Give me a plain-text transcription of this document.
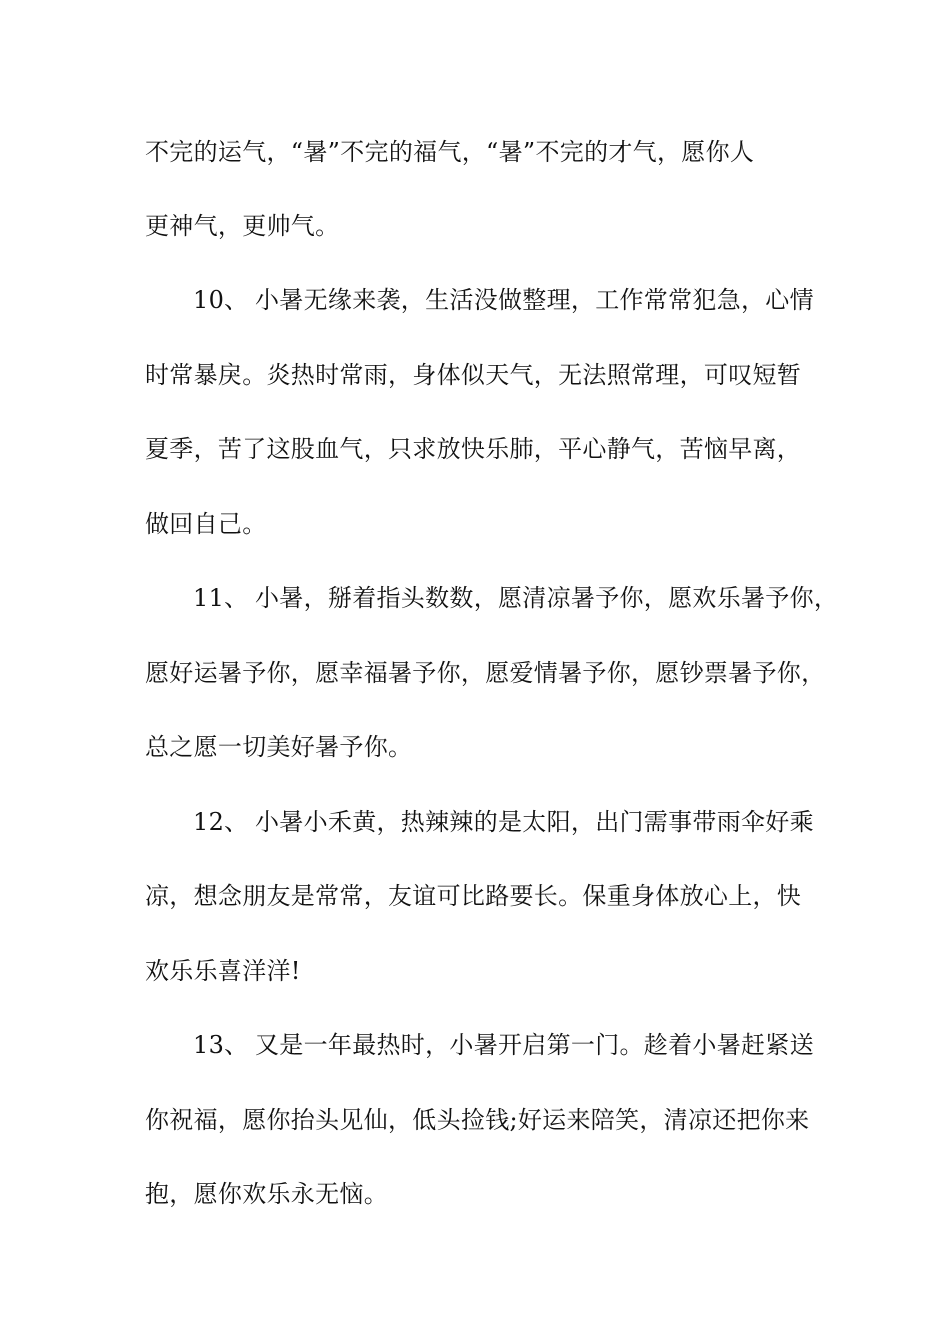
不完的运气，“暑”不完的福气，“暑”不完的才气，愿你人
更神气，更帅气。
10、 小暑无缘来袭，生活没做整理，工作常常犯急，心情
时常暴戾。炎热时常雨，身体似天气，无法照常理，可叹短暂
夏季，苦了这股血气，只求放快乐肺，平心静气，苦恼早离，
做回自己。
11、 小暑，掰着指头数数，愿清凉暑予你，愿欢乐暑予你，
愿好运暑予你，愿幸福暑予你，愿爱情暑予你，愿钞票暑予你，
总之愿一切美好暑予你。
12、 小暑小禾黄，热辣辣的是太阳，出门需事带雨伞好乘
凉，想念朋友是常常，友谊可比路要长。保重身体放心上，快
欢乐乐喜洋洋!
13、 又是一年最热时，小暑开启第一门。趁着小暑赶紧送
你祝福，愿你抬头见仙，低头捡钱;好运来陪笑，清凉还把你来
抱，愿你欢乐永无恼。
